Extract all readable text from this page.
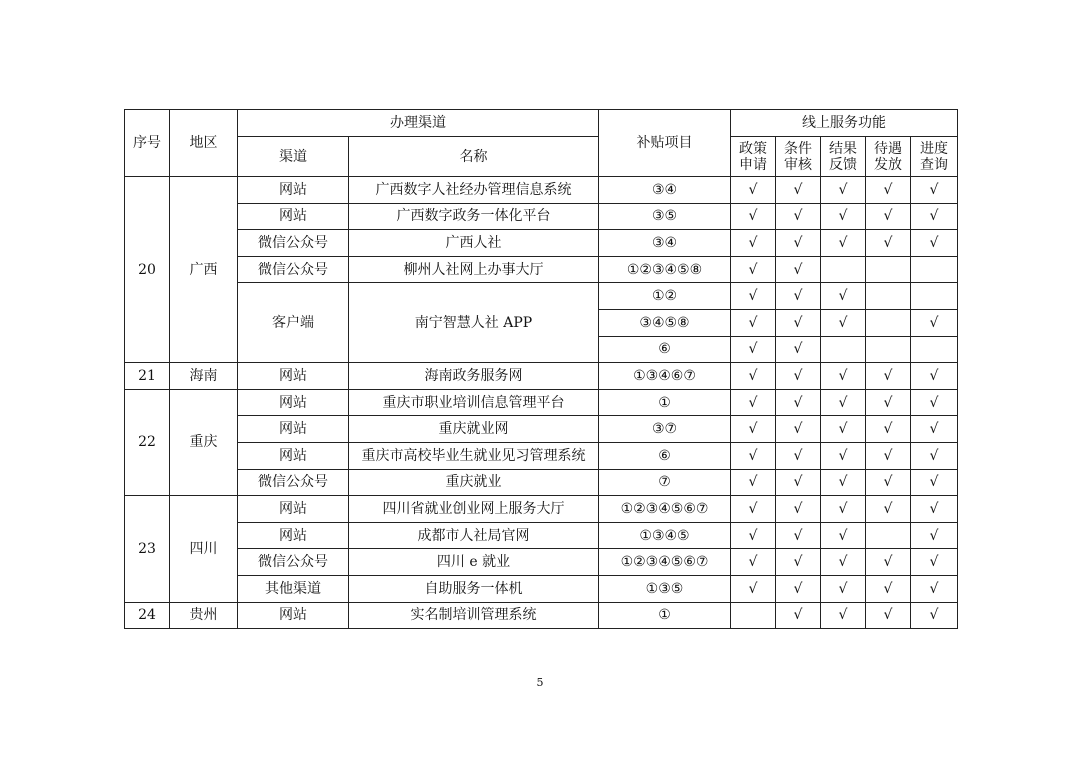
序号	地区	办理渠道		补贴项目	线上服务功能				
		渠道	名称		政策申请	条件审核	结果反馈	待遇发放	进度查询

20	广西	网站	广西数字人社经办管理信息系统	③④	√	√	√	√	√
		网站	广西数字政务一体化平台	③⑤	√	√	√	√	√
		微信公众号	广西人社	③④	√	√	√	√	√
		微信公众号	柳州人社网上办事大厅	①②③④⑤⑧	√	√			
		客户端	南宁智慧人社 APP	①②	√	√	√		
				③④⑤⑧	√	√	√		√
				⑥	√	√			
21	海南	网站	海南政务服务网	①③④⑥⑦	√	√	√	√	√
22	重庆	网站	重庆市职业培训信息管理平台	①	√	√	√	√	√
		网站	重庆就业网	③⑦	√	√	√	√	√
		网站	重庆市高校毕业生就业见习管理系统	⑥	√	√	√	√	√
		微信公众号	重庆就业	⑦	√	√	√	√	√
23	四川	网站	四川省就业创业网上服务大厅	①②③④⑤⑥⑦	√	√	√	√	√
		网站	成都市人社局官网	①③④⑤	√	√	√		√
		微信公众号	四川 e 就业	①②③④⑤⑥⑦	√	√	√	√	√
		其他渠道	自助服务一体机	①③⑤	√	√	√	√	√
24	贵州	网站	实名制培训管理系统	①		√	√	√	√
5
